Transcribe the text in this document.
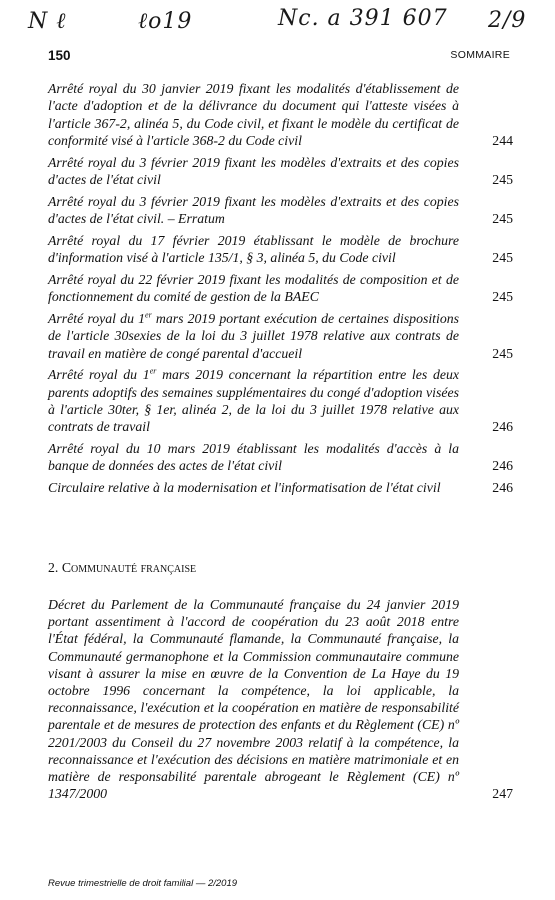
N ℓ	ℓo19	Nc. a 391 607 2/9
150	SOMMAIRE
Arrêté royal du 30 janvier 2019 fixant les modalités d'établissement de l'acte d'adoption et de la délivrance du document qui l'atteste visées à l'article 367-2, alinéa 5, du Code civil, et fixant le modèle du certificat de conformité visé à l'article 368-2 du Code civil	244
Arrêté royal du 3 février 2019 fixant les modèles d'extraits et des copies d'actes de l'état civil	245
Arrêté royal du 3 février 2019 fixant les modèles d'extraits et des copies d'actes de l'état civil. – Erratum	245
Arrêté royal du 17 février 2019 établissant le modèle de brochure d'information visé à l'article 135/1, § 3, alinéa 5, du Code civil	245
Arrêté royal du 22 février 2019 fixant les modalités de composition et de fonctionnement du comité de gestion de la BAEC	245
Arrêté royal du 1er mars 2019 portant exécution de certaines dispositions de l'article 30sexies de la loi du 3 juillet 1978 relative aux contrats de travail en matière de congé parental d'accueil	245
Arrêté royal du 1er mars 2019 concernant la répartition entre les deux parents adoptifs des semaines supplémentaires du congé d'adoption visées à l'article 30ter, § 1er, alinéa 2, de la loi du 3 juillet 1978 relative aux contrats de travail	246
Arrêté royal du 10 mars 2019 établissant les modalités d'accès à la banque de données des actes de l'état civil	246
Circulaire relative à la modernisation et l'informatisation de l'état civil	246
2. Communauté française
Décret du Parlement de la Communauté française du 24 janvier 2019 portant assentiment à l'accord de coopération du 23 août 2018 entre l'État fédéral, la Communauté flamande, la Communauté française, la Communauté germanophone et la Commission communautaire commune visant à assurer la mise en œuvre de la Convention de La Haye du 19 octobre 1996 concernant la compétence, la loi applicable, la reconnaissance, l'exécution et la coopération en matière de responsabilité parentale et de mesures de protection des enfants et du Règlement (CE) nº 2201/2003 du Conseil du 27 novembre 2003 relatif à la compétence, la reconnaissance et l'exécution des décisions en matière matrimoniale et en matière de responsabilité parentale abrogeant le Règlement (CE) nº 1347/2000	247
Revue trimestrielle de droit familial — 2/2019
